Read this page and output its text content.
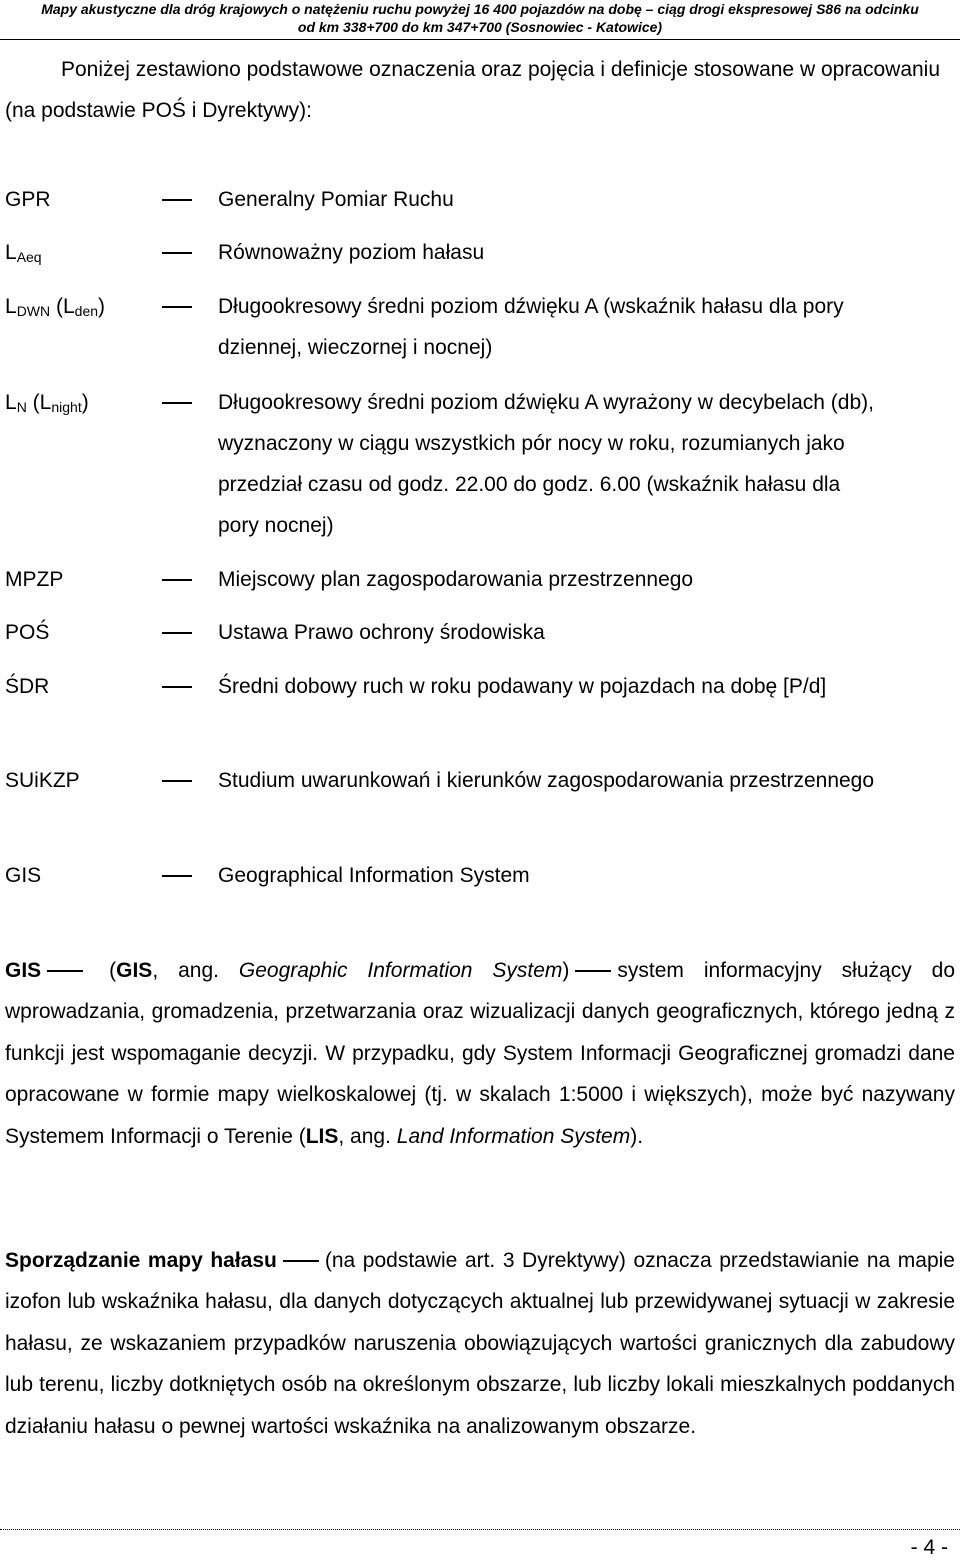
Mapy akustyczne dla dróg krajowych o natężeniu ruchu powyżej 16 400 pojazdów na dobę – ciąg drogi ekspresowej S86 na odcinku
od km 338+700 do km 347+700 (Sosnowiec - Katowice)
Poniżej zestawiono podstawowe oznaczenia oraz pojęcia i definicje stosowane w opracowaniu (na podstawie POŚ i Dyrektywy):
GPR	Generalny Pomiar Ruchu
$L_{Aeq}$	Równoważny poziom hałasu
$L_{DWN}$ $(L_{den})$	Długookresowy średni poziom dźwięku A (wskaźnik hałasu dla pory dziennej, wieczornej i nocnej)
$L_N$ $(L_{night})$	Długookresowy średni poziom dźwięku A wyrażony w decybelach (db), wyznaczony w ciągu wszystkich pór nocy w roku, rozumianych jako przedział czasu od godz. 22.00 do godz. 6.00 (wskaźnik hałasu dla pory nocnej)
MPZP	Miejscowy plan zagospodarowania przestrzennego
POŚ	Ustawa Prawo ochrony środowiska
ŚDR	Średni dobowy ruch w roku podawany w pojazdach na dobę [P/d]
SUiKZP	Studium uwarunkowań i kierunków zagospodarowania przestrzennego
GIS	Geographical Information System
GIS (GIS, ang. Geographic Information System) system informacyjny służący do wprowadzania, gromadzenia, przetwarzania oraz wizualizacji danych geograficznych, którego jedną z funkcji jest wspomaganie decyzji. W przypadku, gdy System Informacji Geograficznej gromadzi dane opracowane w formie mapy wielkoskalowej (tj. w skalach 1:5000 i większych), może być nazywany Systemem Informacji o Terenie (LIS, ang. Land Information System).
Sporządzanie mapy hałasu (na podstawie art. 3 Dyrektywy) oznacza przedstawianie na mapie izofon lub wskaźnika hałasu, dla danych dotyczących aktualnej lub przewidywanej sytuacji w zakresie hałasu, ze wskazaniem przypadków naruszenia obowiązujących wartości granicznych dla zabudowy lub terenu, liczby dotkniętych osób na określonym obszarze, lub liczby lokali mieszkalnych poddanych działaniu hałasu o pewnej wartości wskaźnika na analizowanym obszarze.
- 4 -
